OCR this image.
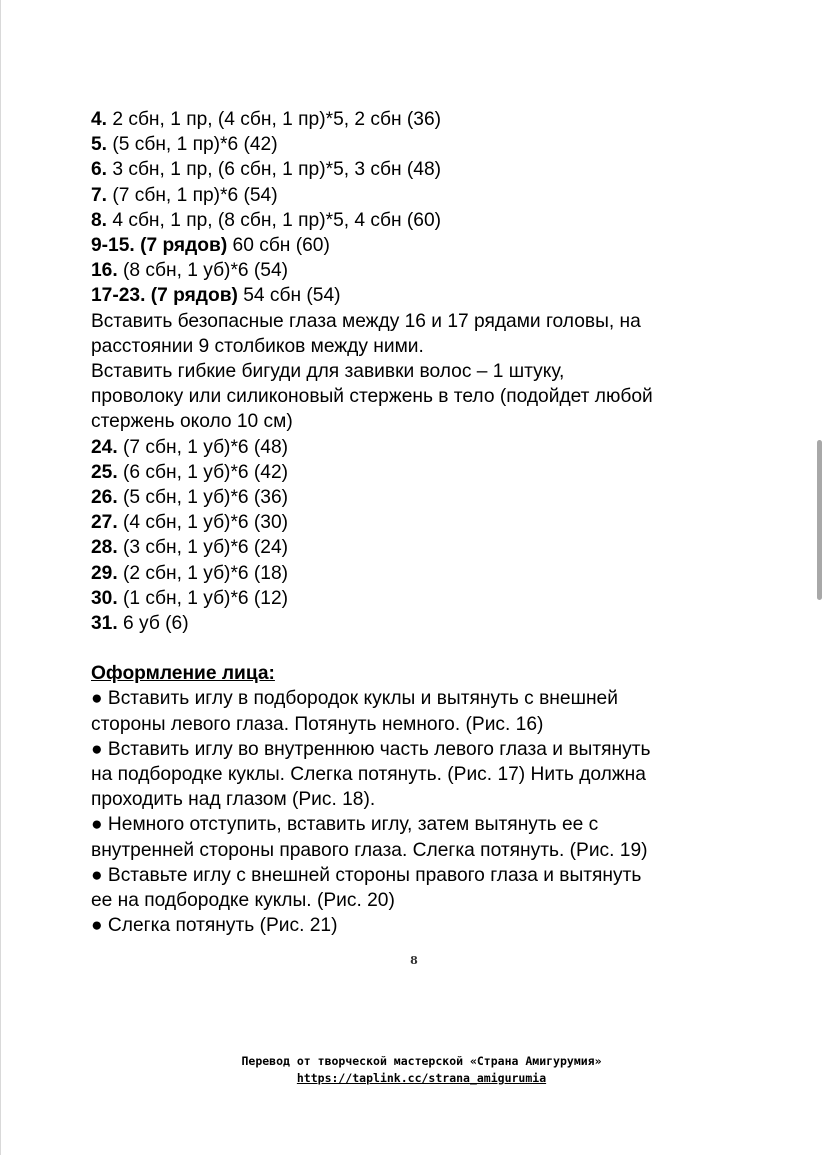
4. 2 сбн, 1 пр, (4 сбн, 1 пр)*5, 2 сбн (36)
5. (5 сбн, 1 пр)*6 (42)
6. 3 сбн, 1 пр, (6 сбн, 1 пр)*5, 3 сбн (48)
7. (7 сбн, 1 пр)*6 (54)
8. 4 сбн, 1 пр, (8 сбн, 1 пр)*5, 4 сбн (60)
9-15. (7 рядов) 60 сбн (60)
16. (8 сбн, 1 уб)*6 (54)
17-23. (7 рядов) 54 сбн (54)
Вставить безопасные глаза между 16 и 17 рядами головы, на
расстоянии 9 столбиков между ними.
Вставить гибкие бигуди для завивки волос – 1 штуку,
проволоку или силиконовый стержень в тело (подойдет любой
стержень около 10 см)
24. (7 сбн, 1 уб)*6 (48)
25. (6 сбн, 1 уб)*6 (42)
26. (5 сбн, 1 уб)*6 (36)
27. (4 сбн, 1 уб)*6 (30)
28. (3 сбн, 1 уб)*6 (24)
29. (2 сбн, 1 уб)*6 (18)
30. (1 сбн, 1 уб)*6 (12)
31. 6 уб (6)
Оформление лица:
● Вставить иглу в подбородок куклы и вытянуть с внешней
стороны левого глаза. Потянуть немного. (Рис. 16)
● Вставить иглу во внутреннюю часть левого глаза и вытянуть
на подбородке куклы. Слегка потянуть. (Рис. 17) Нить должна
проходить над глазом (Рис. 18).
● Немного отступить, вставить иглу, затем вытянуть ее с
внутренней стороны правого глаза. Слегка потянуть. (Рис. 19)
● Вставьте иглу с внешней стороны правого глаза и вытянуть
ее на подбородке куклы. (Рис. 20)
● Слегка потянуть (Рис. 21)
8
Перевод от творческой мастерской «Страна Амигурумия»
https://taplink.cc/strana_amigurumia
